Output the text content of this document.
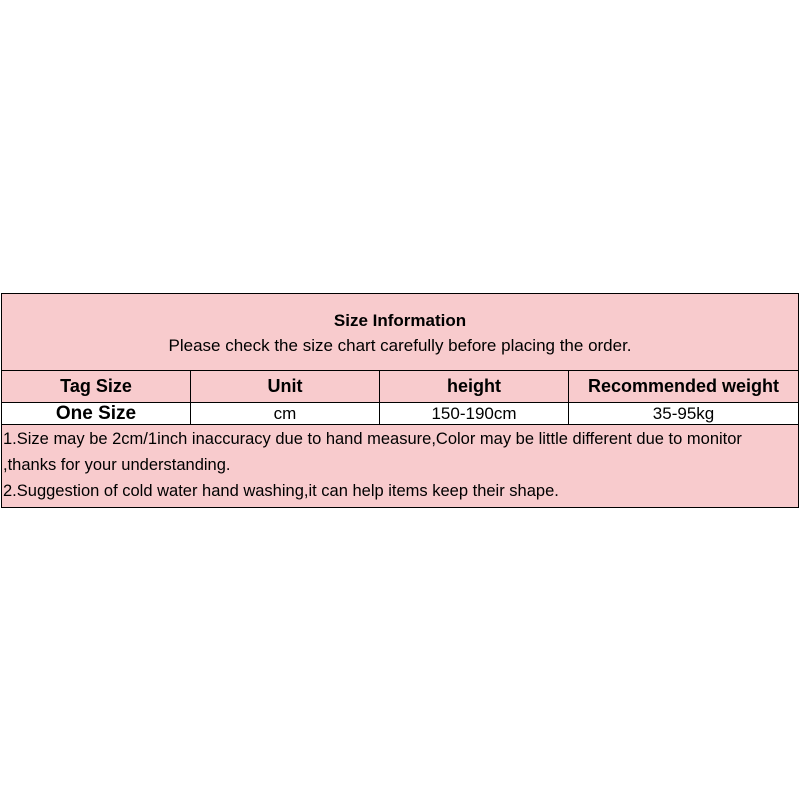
Size Information
Please check the size chart carefully before placing the order.			

Tag Size	Unit	height	Recommended weight
One Size	cm	150-190cm	35-95kg

1.Size may be 2cm/1inch inaccuracy due to hand measure,Color may be little different due to monitor ,thanks for your understanding.
2.Suggestion of cold water hand washing,it can help items keep their shape.			
